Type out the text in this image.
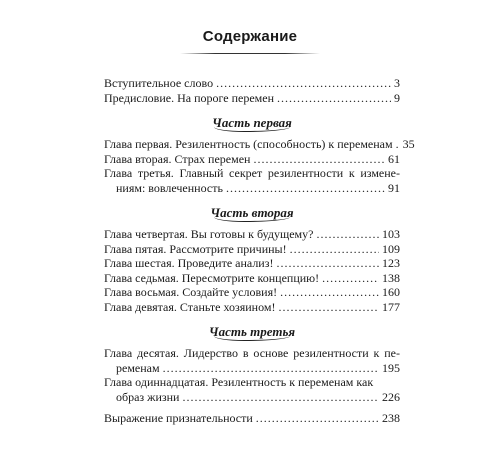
Содержание
Вступительное слово .....	3
Предисловие. На пороге перемен .....	9
Часть первая
Глава первая. Резилентность (способность) к переменам ..... 35
Глава вторая. Страх перемен .....	61
Глава третья. Главный секрет резилентности к измене-
ниям: вовлеченность .....	91
Часть вторая
Глава четвертая. Вы готовы к будущему? .....	103
Глава пятая. Рассмотрите причины! .....	109
Глава шестая. Проведите анализ! .....	123
Глава седьмая. Пересмотрите концепцию! .....	138
Глава восьмая. Создайте условия! .....	160
Глава девятая. Станьте хозяином! .....	177
Часть третья
Глава десятая. Лидерство в основе резилентности к пе-
ременам .....	195
Глава одиннадцатая. Резилентность к переменам как
образ жизни .....	226
Выражение признательности .....	238
